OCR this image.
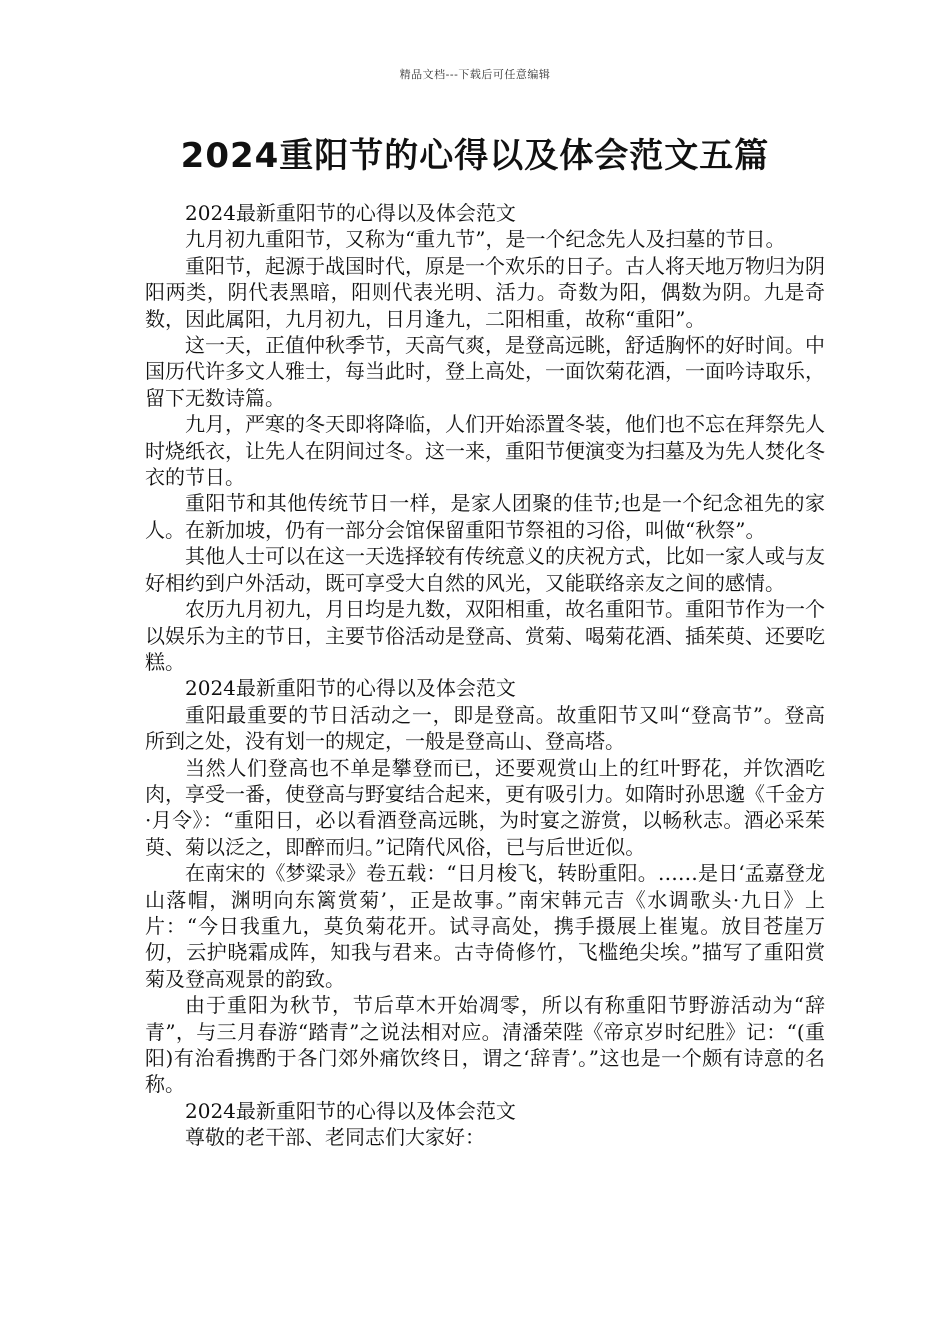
精品文档---下载后可任意编辑
2024重阳节的心得以及体会范文五篇

2024最新重阳节的心得以及体会范文

九月初九重阳节，又称为“重九节”，是一个纪念先人及扫墓的节日。

重阳节，起源于战国时代，原是一个欢乐的日子。古人将天地万物归为阴阳两类，阴代表黑暗，阳则代表光明、活力。奇数为阳，偶数为阴。九是奇数，因此属阳，九月初九，日月逢九，二阳相重，故称“重阳”。

这一天，正值仲秋季节，天高气爽，是登高远眺，舒适胸怀的好时间。中国历代许多文人雅士，每当此时，登上高处，一面饮菊花酒，一面吟诗取乐，留下无数诗篇。

九月，严寒的冬天即将降临，人们开始添置冬装，他们也不忘在拜祭先人时烧纸衣，让先人在阴间过冬。这一来，重阳节便演变为扫墓及为先人焚化冬衣的节日。

重阳节和其他传统节日一样，是家人团聚的佳节;也是一个纪念祖先的家人。在新加坡，仍有一部分会馆保留重阳节祭祖的习俗，叫做“秋祭”。

其他人士可以在这一天选择较有传统意义的庆祝方式，比如一家人或与友好相约到户外活动，既可享受大自然的风光，又能联络亲友之间的感情。

农历九月初九，月日均是九数，双阳相重，故名重阳节。重阳节作为一个以娱乐为主的节日，主要节俗活动是登高、赏菊、喝菊花酒、插茱萸、还要吃糕。

2024最新重阳节的心得以及体会范文

重阳最重要的节日活动之一，即是登高。故重阳节又叫“登高节”。登高所到之处，没有划一的规定，一般是登高山、登高塔。

当然人们登高也不单是攀登而已，还要观赏山上的红叶野花，并饮酒吃肉，享受一番，使登高与野宴结合起来，更有吸引力。如隋时孙思邈《千金方·月令》：“重阳日，必以看酒登高远眺，为时宴之游赏，以畅秋志。酒必采茱萸、菊以泛之，即醉而归。”记隋代风俗，已与后世近似。

在南宋的《梦粱录》卷五载：“日月梭飞，转盼重阳。……是日‘孟嘉登龙山落帽，渊明向东篱赏菊’，正是故事。”南宋韩元吉《水调歌头·九日》上片：“今日我重九，莫负菊花开。试寻高处，携手摄展上崔嵬。放目苍崖万仞，云护晓霜成阵，知我与君来。古寺倚修竹，飞槛绝尖埃。”描写了重阳赏菊及登高观景的韵致。

由于重阳为秋节，节后草木开始凋零，所以有称重阳节野游活动为“辞青”，与三月春游“踏青”之说法相对应。清潘荣陛《帝京岁时纪胜》记：“(重阳)有治看携酌于各门郊外痛饮终日，谓之‘辞青’。”这也是一个颇有诗意的名称。

2024最新重阳节的心得以及体会范文

尊敬的老干部、老同志们大家好：
